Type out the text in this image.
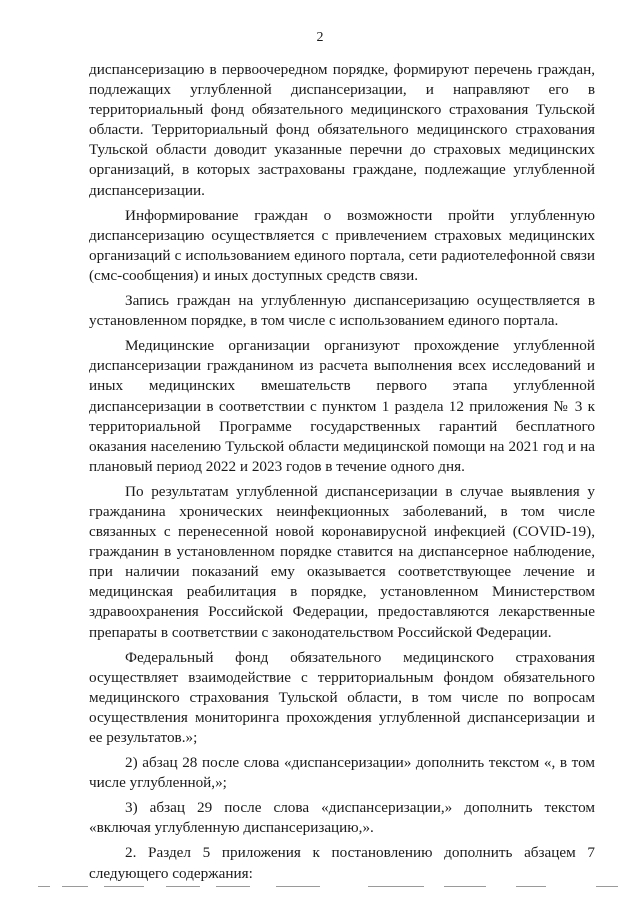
2

диспансеризацию в первоочередном порядке, формируют перечень граждан, подлежащих углубленной диспансеризации, и направляют его в территориальный фонд обязательного медицинского страхования Тульской области. Территориальный фонд обязательного медицинского страхования Тульской области доводит указанные перечни до страховых медицинских организаций, в которых застрахованы граждане, подлежащие углубленной диспансеризации.

Информирование граждан о возможности пройти углубленную диспансеризацию осуществляется с привлечением страховых медицинских организаций с использованием единого портала, сети радиотелефонной связи (смс-сообщения) и иных доступных средств связи.

Запись граждан на углубленную диспансеризацию осуществляется в установленном порядке, в том числе с использованием единого портала.

Медицинские организации организуют прохождение углубленной диспансеризации гражданином из расчета выполнения всех исследований и иных медицинских вмешательств первого этапа углубленной диспансеризации в соответствии с пунктом 1 раздела 12 приложения № 3 к территориальной Программе государственных гарантий бесплатного оказания населению Тульской области медицинской помощи на 2021 год и на плановый период 2022 и 2023 годов в течение одного дня.

По результатам углубленной диспансеризации в случае выявления у гражданина хронических неинфекционных заболеваний, в том числе связанных с перенесенной новой коронавирусной инфекцией (COVID-19), гражданин в установленном порядке ставится на диспансерное наблюдение, при наличии показаний ему оказывается соответствующее лечение и медицинская реабилитация в порядке, установленном Министерством здравоохранения Российской Федерации, предоставляются лекарственные препараты в соответствии с законодательством Российской Федерации.

Федеральный фонд обязательного медицинского страхования осуществляет взаимодействие с территориальным фондом обязательного медицинского страхования Тульской области, в том числе по вопросам осуществления мониторинга прохождения углубленной диспансеризации и ее результатов.»;

2) абзац 28 после слова «диспансеризации» дополнить текстом «, в том числе углубленной,»;

3) абзац 29 после слова «диспансеризации,» дополнить текстом «включая углубленную диспансеризацию,».

2. Раздел 5 приложения к постановлению дополнить абзацем 7 следующего содержания:
